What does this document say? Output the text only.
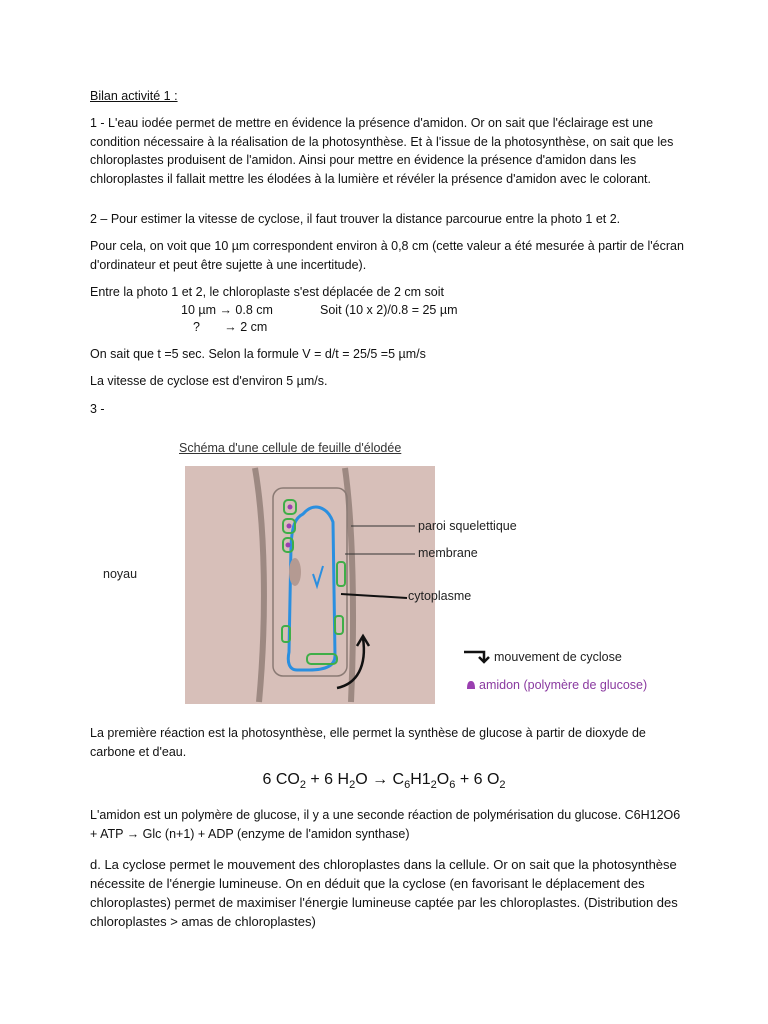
Bilan activité 1 :

1 - L'eau iodée permet de mettre en évidence la présence d'amidon. Or on sait que l'éclairage est une condition nécessaire à la réalisation de la photosynthèse. Et à l'issue de la photosynthèse, on sait que les chloroplastes produisent de l'amidon. Ainsi pour mettre en évidence la présence d'amidon dans les chloroplastes il fallait mettre les élodées à la lumière et révéler la présence d'amidon avec le colorant.

2 – Pour estimer la vitesse de cyclose, il faut trouver la distance parcourue entre la photo 1 et 2.

Pour cela, on voit que 10 µm correspondent environ à 0,8 cm (cette valeur a été mesurée à partir de l'écran d'ordinateur et peut être sujette à une incertitude).

Entre la photo 1 et 2, le chloroplaste s'est déplacée de 2 cm soit

10 µm → 0.8 cm	Soit (10 x 2)/0.8 = 25 µm
?       → 2 cm

On sait que t =5 sec. Selon la formule V = d/t = 25/5 =5 µm/s

La vitesse de cyclose est d'environ 5 µm/s.

3 -

Schéma d'une cellule de feuille d'élodée
noyau
paroi squelettique
membrane
cytoplasme
mouvement de cyclose
amidon (polymère de glucose)

La première réaction est la photosynthèse, elle permet la synthèse de glucose à partir de dioxyde de carbone et d'eau.

6 $CO_2 + 6$ $H_2O \to C_6H1_2O_6 + 6$ $O_2$

L'amidon est un polymère de glucose, il y a une seconde réaction de polymérisation du glucose. C6H12O6 + ATP → Glc (n+1) + ADP (enzyme de l'amidon synthase)

d. La cyclose permet le mouvement des chloroplastes dans la cellule. Or on sait que la photosynthèse nécessite de l'énergie lumineuse. On en déduit que la cyclose (en favorisant le déplacement des chloroplastes) permet de maximiser l'énergie lumineuse captée par les chloroplastes. (Distribution des chloroplastes > amas de chloroplastes)
